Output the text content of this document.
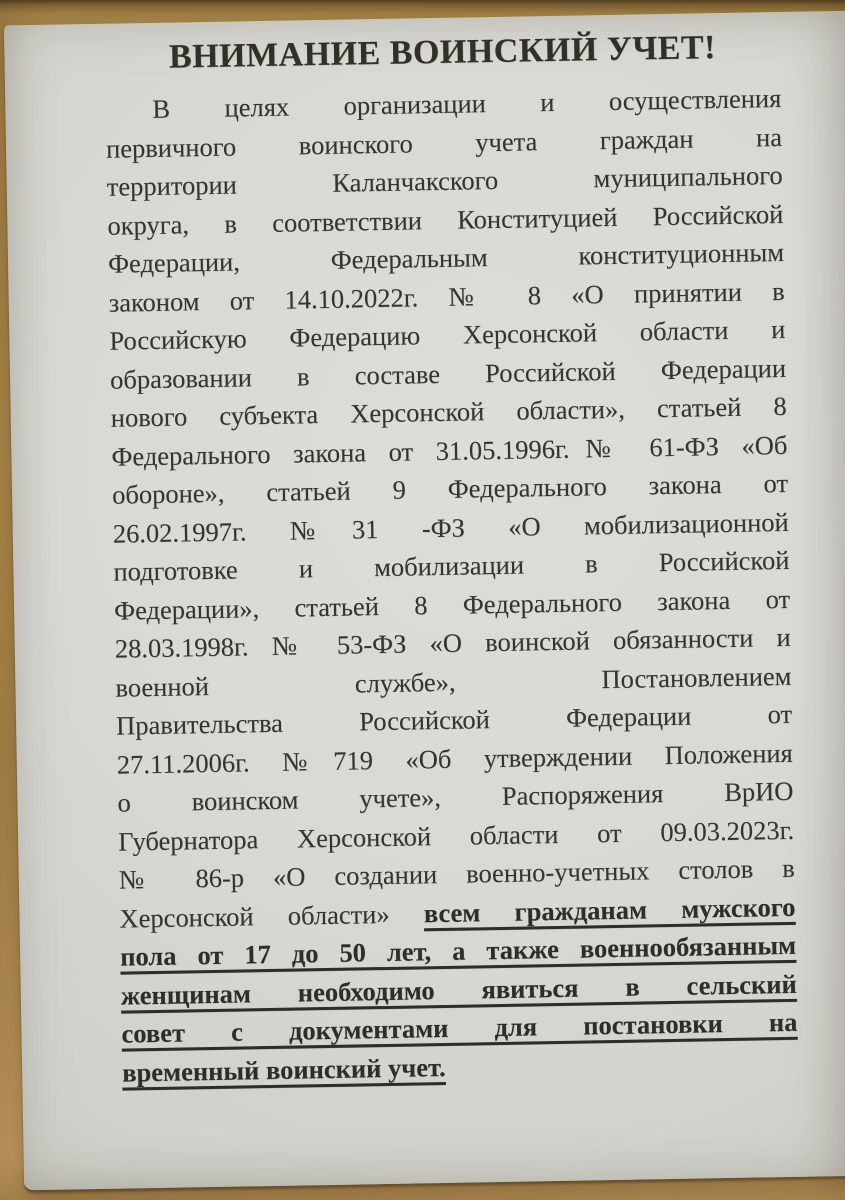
ВНИМАНИЕ ВОИНСКИЙ УЧЕТ!
В целях организации и осуществления
первичного воинского учета граждан на
территории Каланчакского муниципального
округа, в соответствии Конституцией Российской
Федерации, Федеральным конституционным
законом от 14.10.2022г. № 8 «О принятии в
Российскую Федерацию Херсонской области и
образовании в составе Российской Федерации
нового субъекта Херсонской области», статьей 8
Федерального закона от 31.05.1996г.№ 61-ФЗ «Об
обороне», статьей 9 Федерального закона от
26.02.1997г. №31 -ФЗ «О мобилизационной
подготовке и мобилизации в Российской
Федерации», статьей 8 Федерального закона от
28.03.1998г. № 53-ФЗ «О воинской обязанности и
военной службе», Постановлением
Правительства Российской Федерации от
27.11.2006г. №719 «Об утверждении Положения
о воинском учете», Распоряжения ВрИО
Губернатора Херсонской области от 09.03.2023г.
№ 86-р «О создании военно-учетных столов в
Херсонской области» всем гражданам мужского
пола от 17 до 50 лет, а также военнообязанным
женщинам необходимо явиться в сельский
совет с документами для постановки на
временный воинский учет.
